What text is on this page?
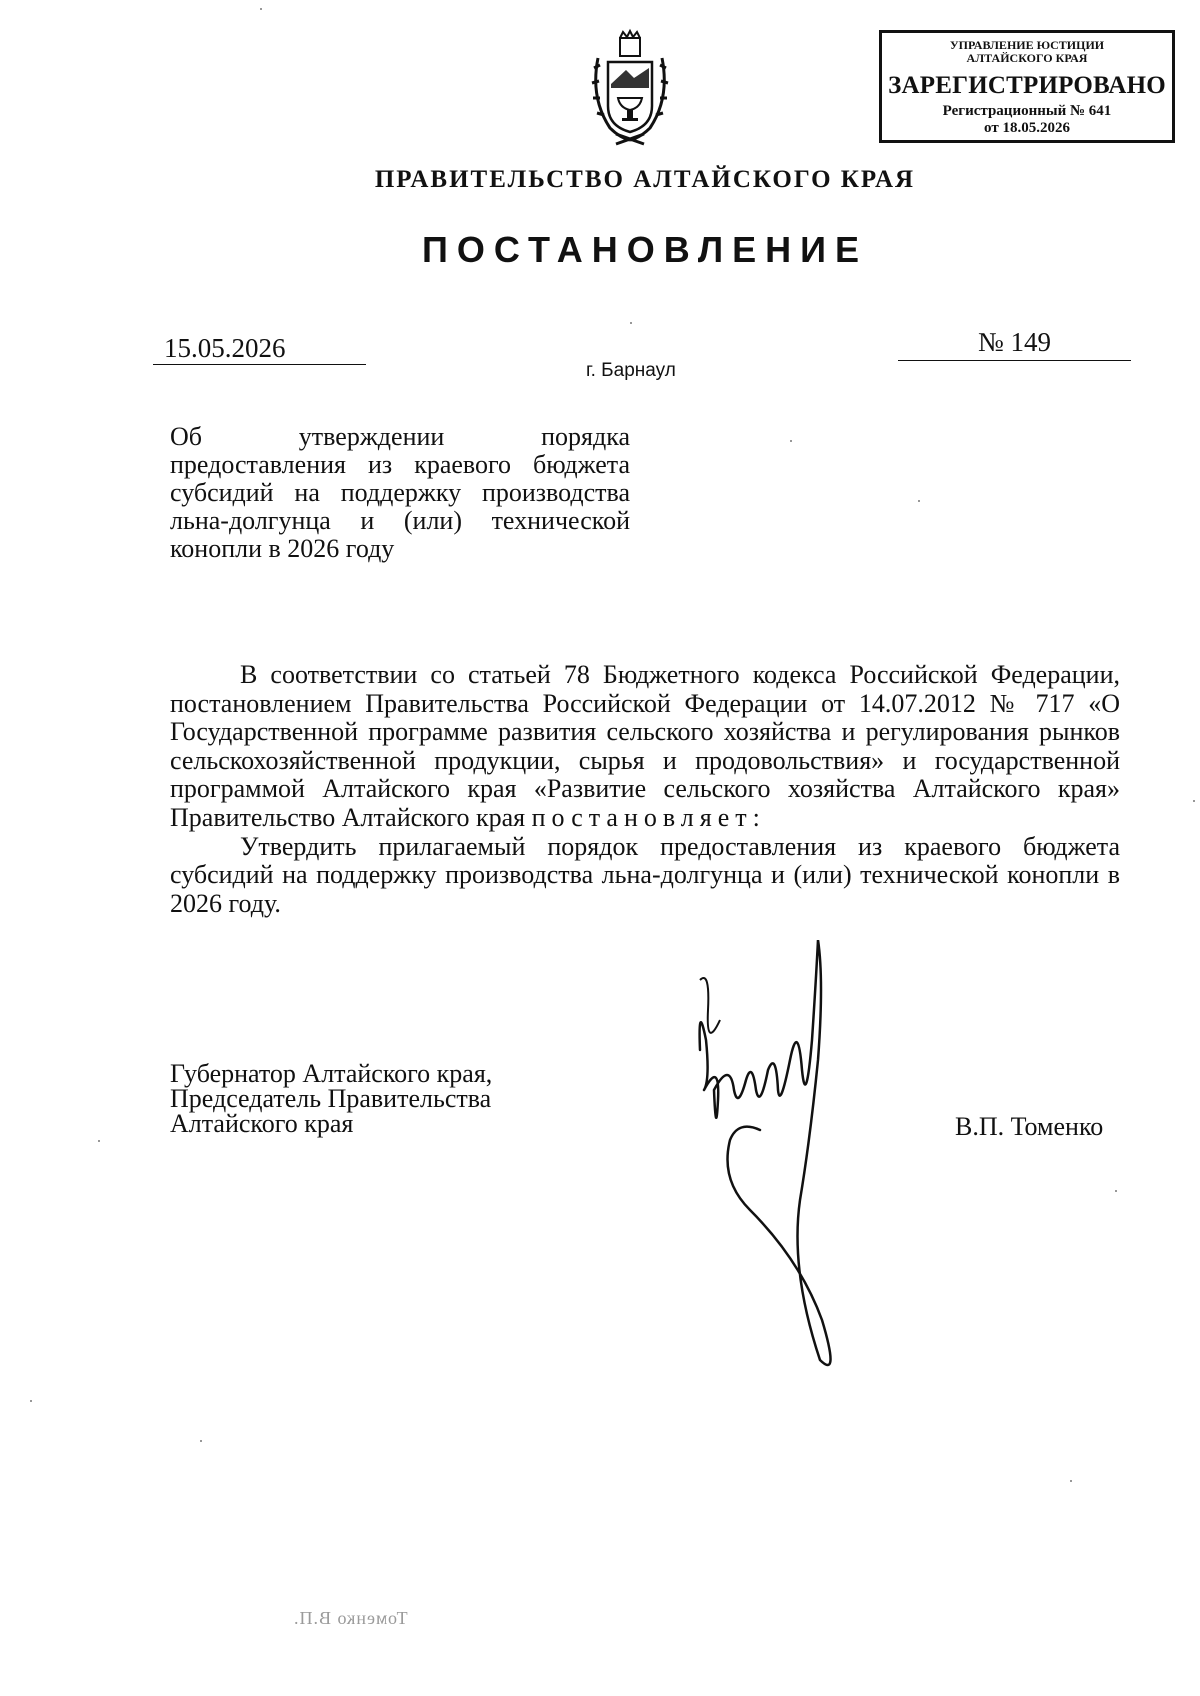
УПРАВЛЕНИЕ ЮСТИЦИИ
АЛТАЙСКОГО КРАЯ
ЗАРЕГИСТРИРОВАНО
Регистрационный № 641
от 18.05.2026
ПРАВИТЕЛЬСТВО АЛТАЙСКОГО КРАЯ
ПОСТАНОВЛЕНИЕ
15.05.2026	№ 149
г. Барнаул
Об утверждении порядка предоставления из краевого бюджета субсидий на поддержку производства льна-долгунца и (или) технической конопли в 2026 году

В соответствии со статьей 78 Бюджетного кодекса Российской Федерации, постановлением Правительства Российской Федерации от 14.07.2012 № 717 «О Государственной программе развития сельского хозяйства и регулирования рынков сельскохозяйственной продукции, сырья и продовольствия» и государственной программой Алтайского края «Развитие сельского хозяйства Алтайского края» Правительство Алтайского края постановляет:

Утвердить прилагаемый порядок предоставления из краевого бюджета субсидий на поддержку производства льна-долгунца и (или) технической конопли в 2026 году.

Губернатор Алтайского края,
Председатель Правительства
Алтайского края	В.П. Томенко
Томенко В.П.
